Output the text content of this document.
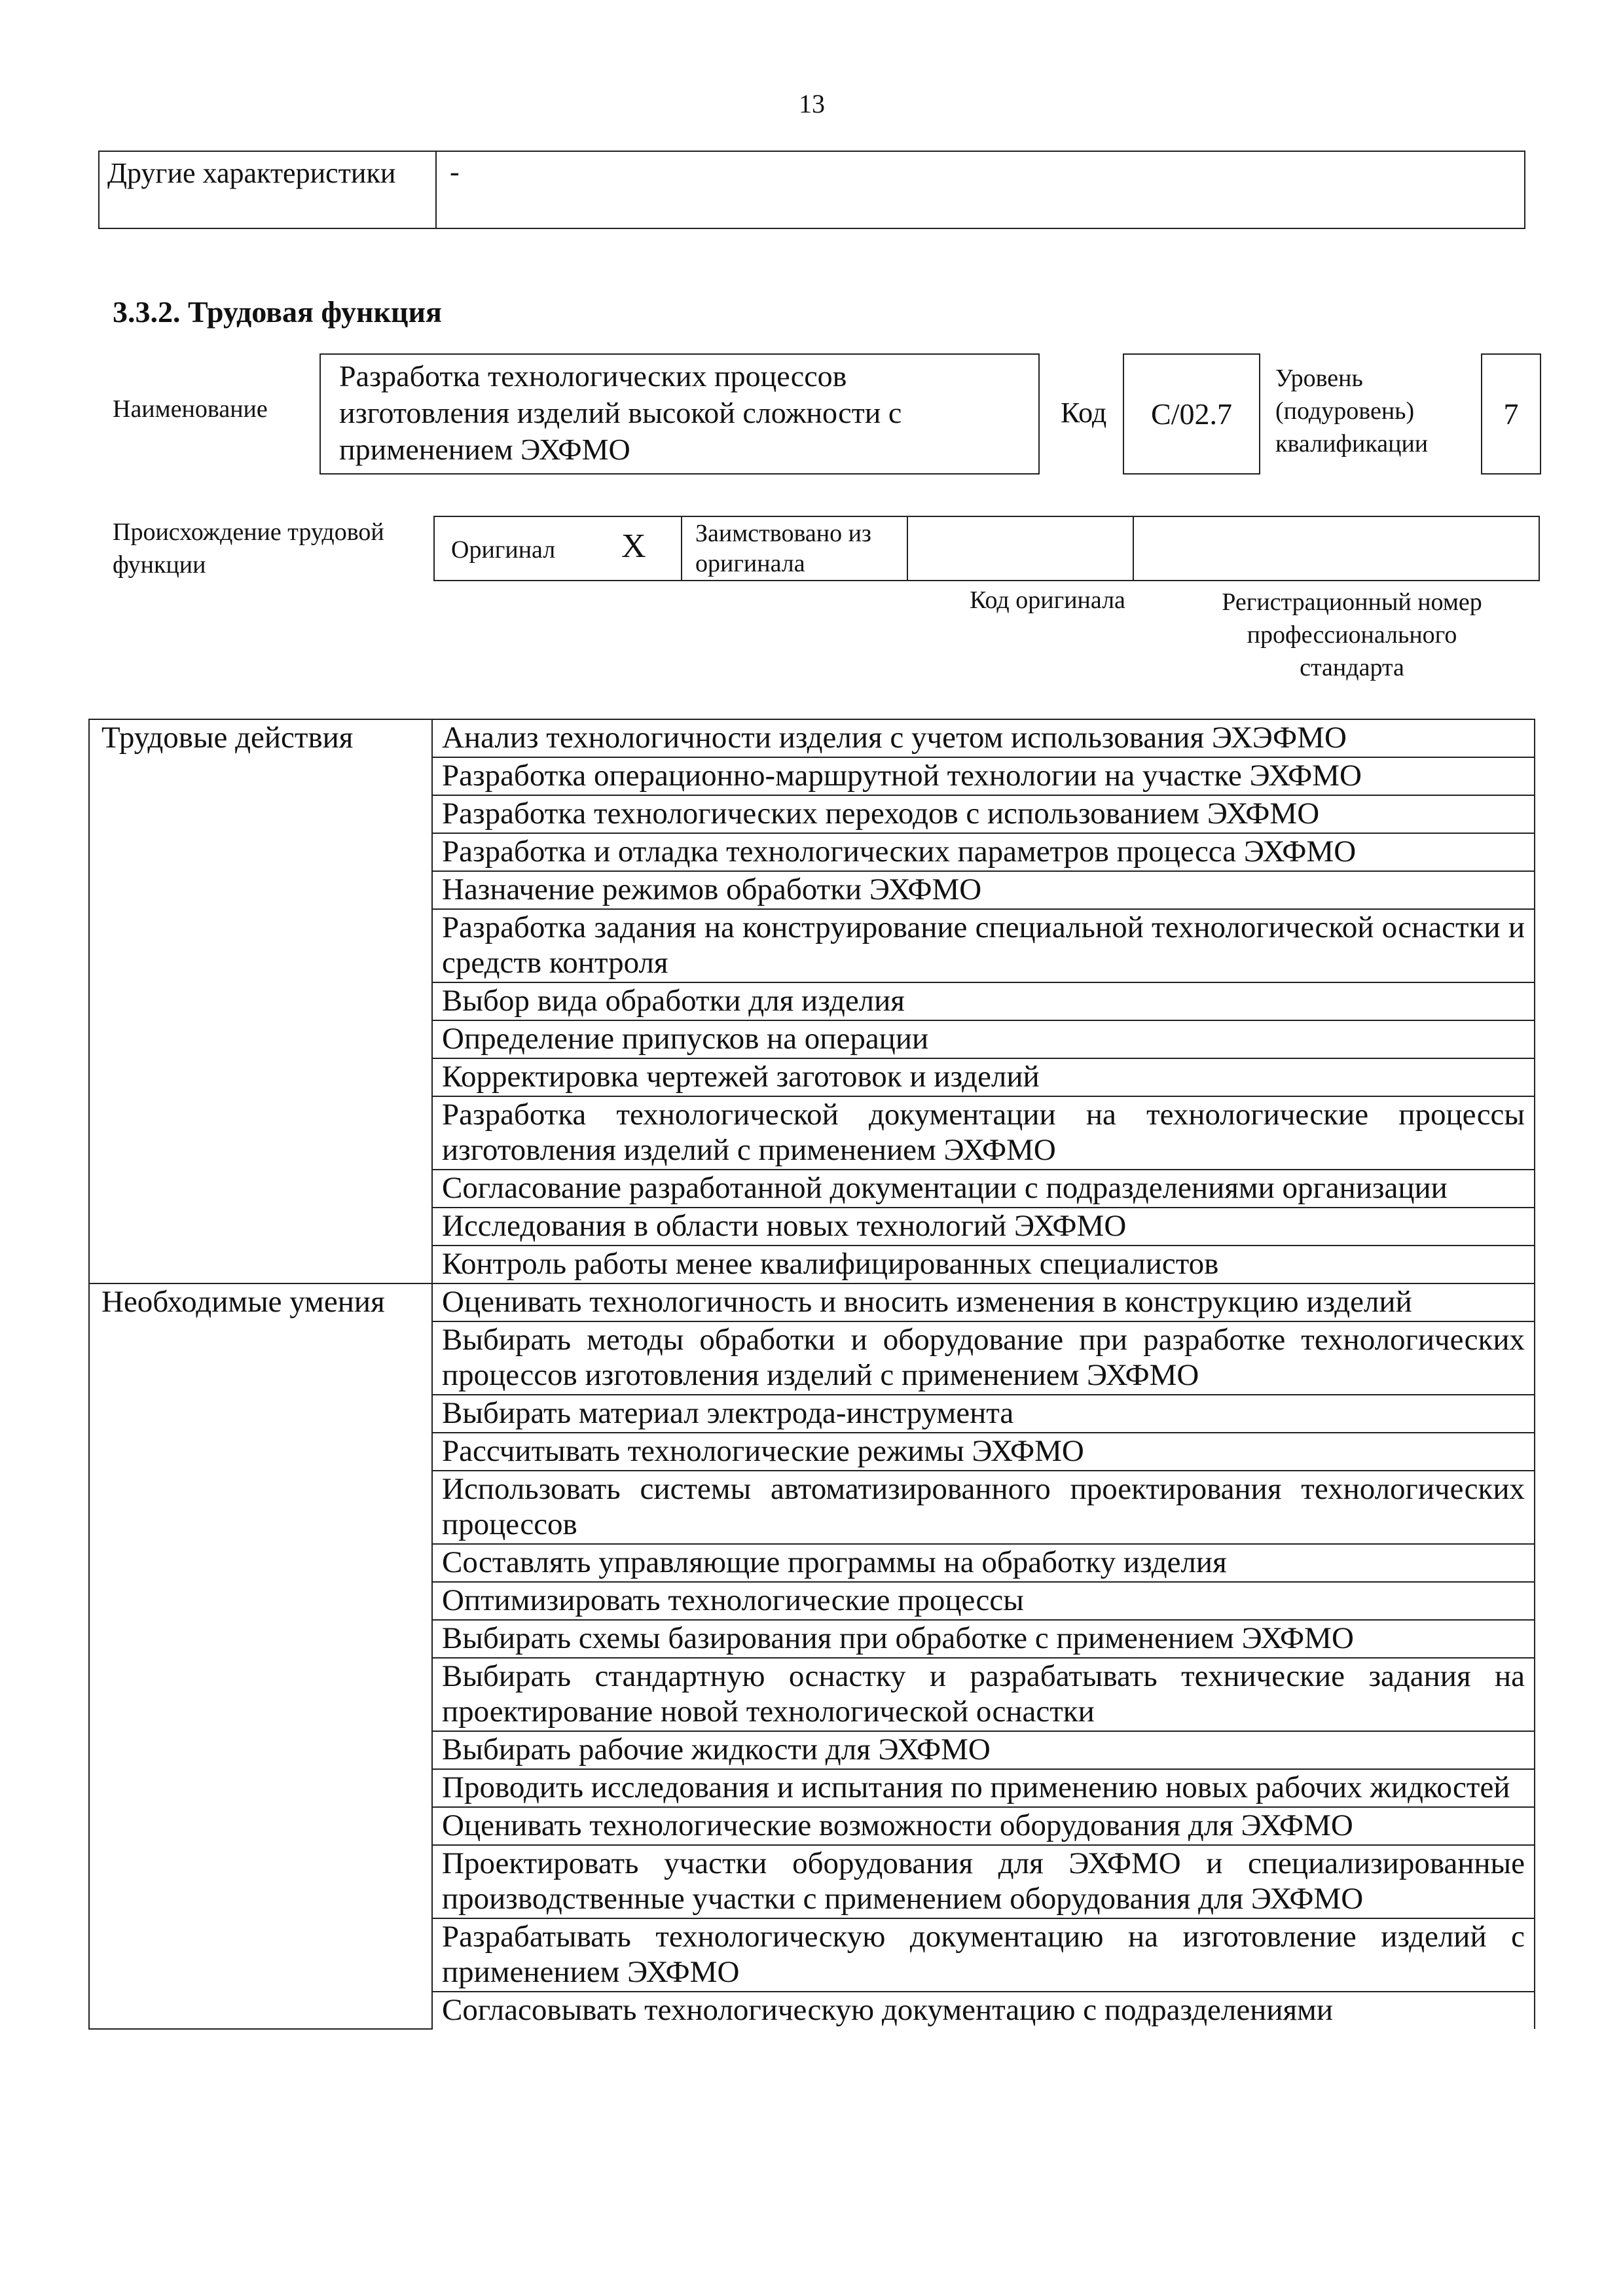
13
Другие характеристики	-
3.3.2. Трудовая функция
Наименование
Разработка технологических процессов изготовления изделий высокой сложности с применением ЭХФМО
Код	C/02.7
Уровень
(подуровень)
квалификации
7
Происхождение трудовой
функции
Оригинал X Заимствовано из
оригинала
Код оригинала	Регистрационный номер
профессионального
стандарта
Трудовые действия	Анализ технологичности изделия с учетом использования ЭХЭФМО
	Разработка операционно-маршрутной технологии на участке ЭХФМО
	Разработка технологических переходов с использованием ЭХФМО
	Разработка и отладка технологических параметров процесса ЭХФМО
	Назначение режимов обработки ЭХФМО
	Разработка задания на конструирование специальной технологической оснастки и средств контроля
	Выбор вида обработки для изделия
	Определение припусков на операции
	Корректировка чертежей заготовок и изделий
	Разработка технологической документации на технологические процессы изготовления изделий с применением ЭХФМО
	Согласование разработанной документации с подразделениями организации
	Исследования в области новых технологий ЭХФМО
	Контроль работы менее квалифицированных специалистов
Необходимые умения	Оценивать технологичность и вносить изменения в конструкцию изделий
	Выбирать методы обработки и оборудование при разработке технологических процессов изготовления изделий с применением ЭХФМО
	Выбирать материал электрода-инструмента
	Рассчитывать технологические режимы ЭХФМО
	Использовать системы автоматизированного проектирования технологических процессов
	Составлять управляющие программы на обработку изделия
	Оптимизировать технологические процессы
	Выбирать схемы базирования при обработке с применением ЭХФМО
	Выбирать стандартную оснастку и разрабатывать технические задания на проектирование новой технологической оснастки
	Выбирать рабочие жидкости для ЭХФМО
	Проводить исследования и испытания по применению новых рабочих жидкостей
	Оценивать технологические возможности оборудования для ЭХФМО
	Проектировать участки оборудования для ЭХФМО и специализированные производственные участки с применением оборудования для ЭХФМО
	Разрабатывать технологическую документацию на изготовление изделий с применением ЭХФМО
	Согласовывать технологическую документацию с подразделениями
